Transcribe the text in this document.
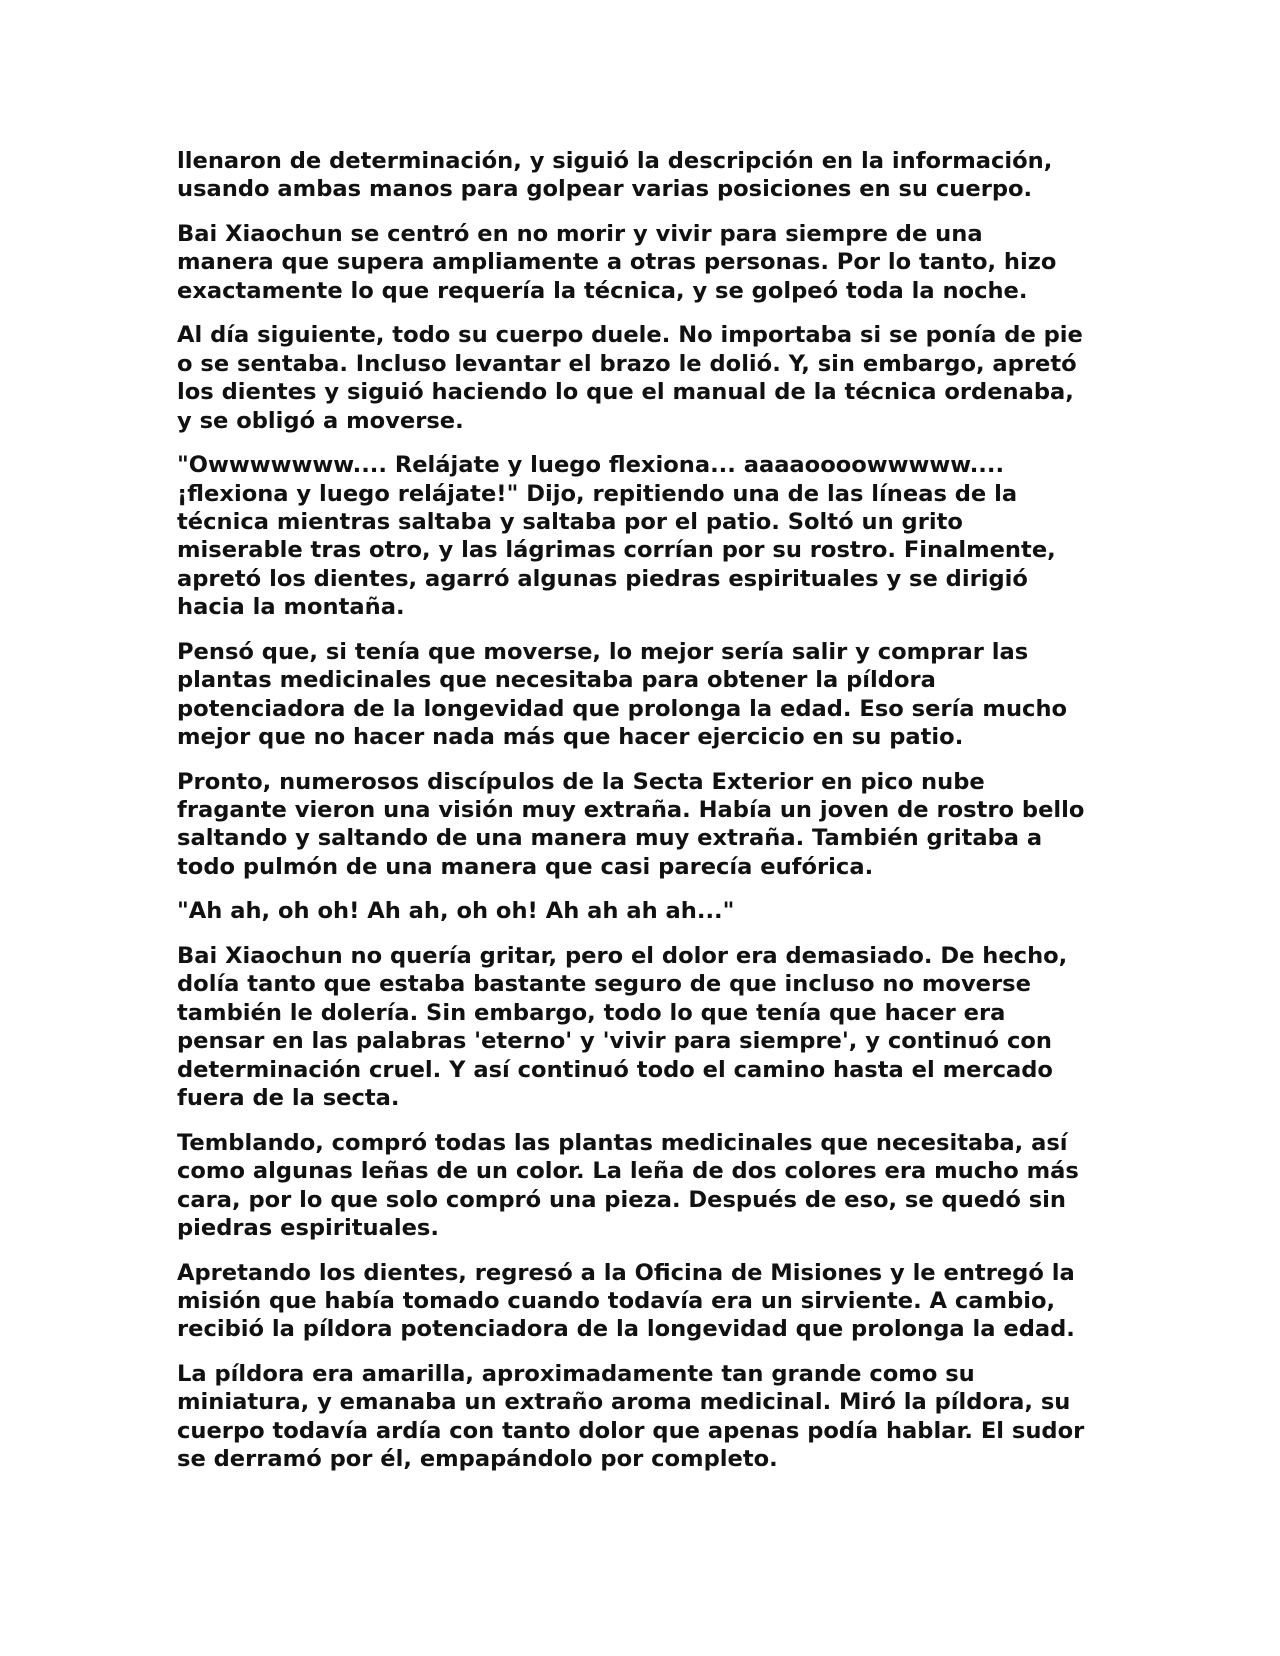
llenaron de determinación, y siguió la descripción en la información,
usando ambas manos para golpear varias posiciones en su cuerpo.

Bai Xiaochun se centró en no morir y vivir para siempre de una
manera que supera ampliamente a otras personas. Por lo tanto, hizo
exactamente lo que requería la técnica, y se golpeó toda la noche.

Al día siguiente, todo su cuerpo duele. No importaba si se ponía de pie
o se sentaba. Incluso levantar el brazo le dolió. Y, sin embargo, apretó
los dientes y siguió haciendo lo que el manual de la técnica ordenaba,
y se obligó a moverse.

"Owwwwwww.... Relájate y luego flexiona... aaaaoooowwwww....
¡flexiona y luego relájate!" Dijo, repitiendo una de las líneas de la
técnica mientras saltaba y saltaba por el patio. Soltó un grito
miserable tras otro, y las lágrimas corrían por su rostro. Finalmente,
apretó los dientes, agarró algunas piedras espirituales y se dirigió
hacia la montaña.

Pensó que, si tenía que moverse, lo mejor sería salir y comprar las
plantas medicinales que necesitaba para obtener la píldora
potenciadora de la longevidad que prolonga la edad. Eso sería mucho
mejor que no hacer nada más que hacer ejercicio en su patio.

Pronto, numerosos discípulos de la Secta Exterior en pico nube
fragante vieron una visión muy extraña. Había un joven de rostro bello
saltando y saltando de una manera muy extraña. También gritaba a
todo pulmón de una manera que casi parecía eufórica.

"Ah ah, oh oh! Ah ah, oh oh! Ah ah ah ah..."

Bai Xiaochun no quería gritar, pero el dolor era demasiado. De hecho,
dolía tanto que estaba bastante seguro de que incluso no moverse
también le dolería. Sin embargo, todo lo que tenía que hacer era
pensar en las palabras 'eterno' y 'vivir para siempre', y continuó con
determinación cruel. Y así continuó todo el camino hasta el mercado
fuera de la secta.

Temblando, compró todas las plantas medicinales que necesitaba, así
como algunas leñas de un color. La leña de dos colores era mucho más
cara, por lo que solo compró una pieza. Después de eso, se quedó sin
piedras espirituales.

Apretando los dientes, regresó a la Oficina de Misiones y le entregó la
misión que había tomado cuando todavía era un sirviente. A cambio,
recibió la píldora potenciadora de la longevidad que prolonga la edad.

La píldora era amarilla, aproximadamente tan grande como su
miniatura, y emanaba un extraño aroma medicinal. Miró la píldora, su
cuerpo todavía ardía con tanto dolor que apenas podía hablar. El sudor
se derramó por él, empapándolo por completo.
